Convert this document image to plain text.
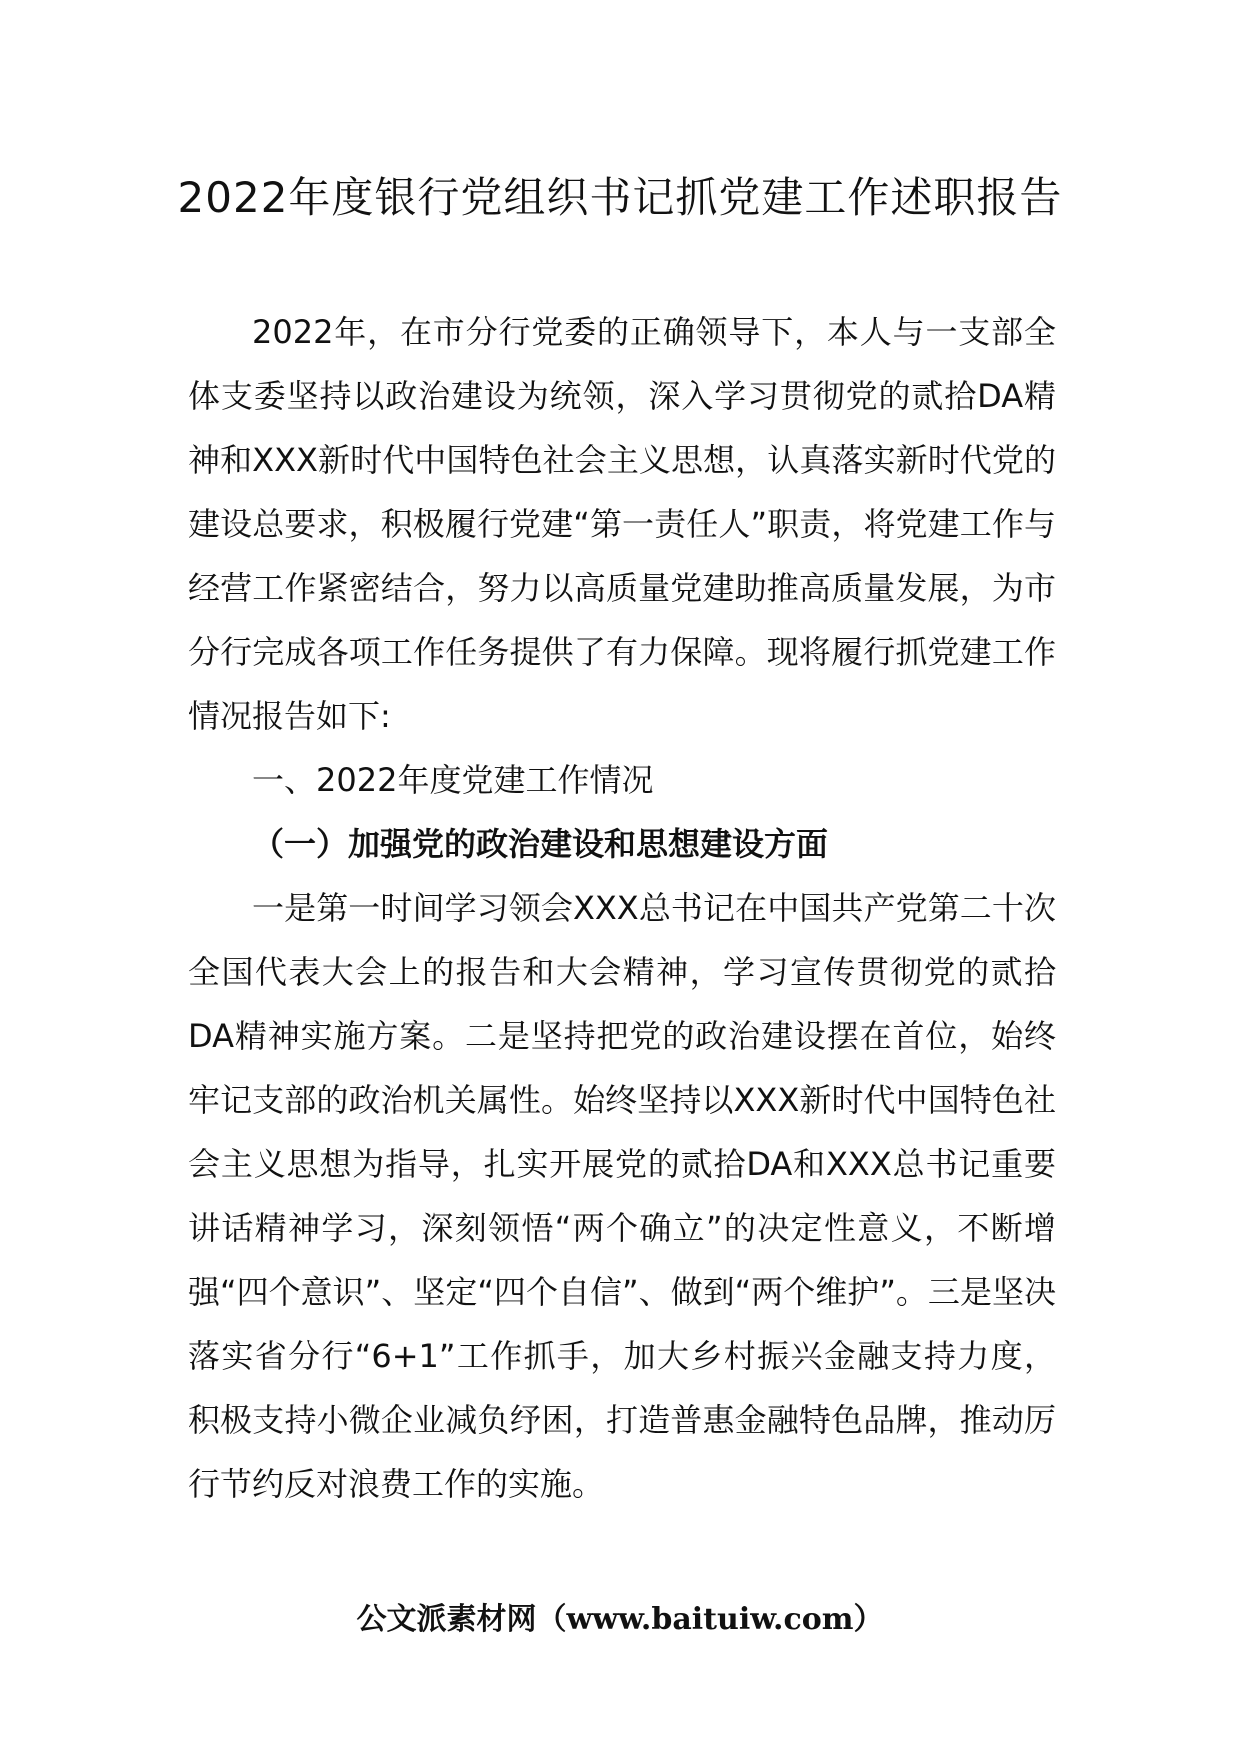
2022年度银行党组织书记抓党建工作述职报告

2022年，在市分行党委的正确领导下，本人与一支部全体支委坚持以政治建设为统领，深入学习贯彻党的贰拾DA精神和XXX新时代中国特色社会主义思想，认真落实新时代党的建设总要求，积极履行党建“第一责任人”职责，将党建工作与经营工作紧密结合，努力以高质量党建助推高质量发展，为市分行完成各项工作任务提供了有力保障。现将履行抓党建工作情况报告如下:

一、2022年度党建工作情况

（一）加强党的政治建设和思想建设方面

一是第一时间学习领会XXX总书记在中国共产党第二十次全国代表大会上的报告和大会精神，学习宣传贯彻党的贰拾DA精神实施方案。二是坚持把党的政治建设摆在首位，始终牢记支部的政治机关属性。始终坚持以XXX新时代中国特色社会主义思想为指导，扎实开展党的贰拾DA和XXX总书记重要讲话精神学习，深刻领悟“两个确立”的决定性意义，不断增强“四个意识”、坚定“四个自信”、做到“两个维护”。三是坚决落实省分行“6+1”工作抓手，加大乡村振兴金融支持力度，积极支持小微企业减负纾困，打造普惠金融特色品牌，推动厉行节约反对浪费工作的实施。

公文派素材网（www.baituiw.com）
